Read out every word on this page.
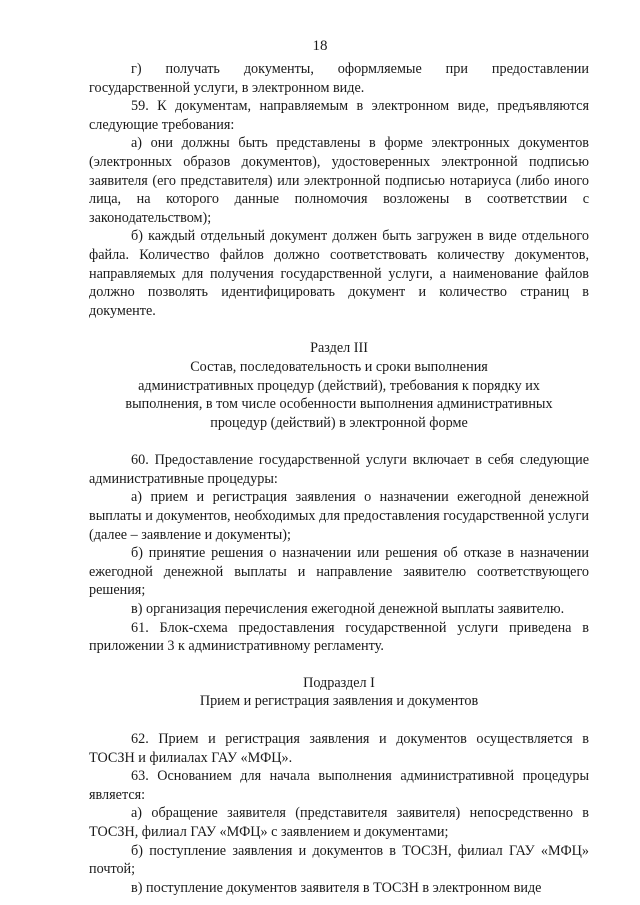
18

г) получать документы, оформляемые при предоставлении государственной услуги, в электронном виде.

59. К документам, направляемым в электронном виде, предъявляются следующие требования:

а) они должны быть представлены в форме электронных документов (электронных образов документов), удостоверенных электронной подписью заявителя (его представителя) или электронной подписью нотариуса (либо иного лица, на которого данные полномочия возложены в соответствии с законодательством);

б) каждый отдельный документ должен быть загружен в виде отдельного файла. Количество файлов должно соответствовать количеству документов, направляемых для получения государственной услуги, а наименование файлов должно позволять идентифицировать документ и количество страниц в документе.

Раздел III

Состав, последовательность и сроки выполнения

административных процедур (действий), требования к порядку их

выполнения, в том числе особенности выполнения административных

процедур (действий) в электронной форме

60. Предоставление государственной услуги включает в себя следующие административные процедуры:

а) прием и регистрация заявления о назначении ежегодной денежной выплаты и документов, необходимых для предоставления государственной услуги (далее – заявление и документы);

б) принятие решения о назначении или решения об отказе в назначении ежегодной денежной выплаты и направление заявителю соответствующего решения;

в) организация перечисления ежегодной денежной выплаты заявителю.

61. Блок-схема предоставления государственной услуги приведена в приложении 3 к административному регламенту.

Подраздел I

Прием и регистрация заявления и документов

62. Прием и регистрация заявления и документов осуществляется в ТОСЗН и филиалах ГАУ «МФЦ».

63. Основанием для начала выполнения административной процедуры является:

а) обращение заявителя (представителя заявителя) непосредственно в ТОСЗН, филиал ГАУ «МФЦ» с заявлением и документами;

б) поступление заявления и документов в ТОСЗН, филиал ГАУ «МФЦ» почтой;

в) поступление документов заявителя в ТОСЗН в электронном виде
